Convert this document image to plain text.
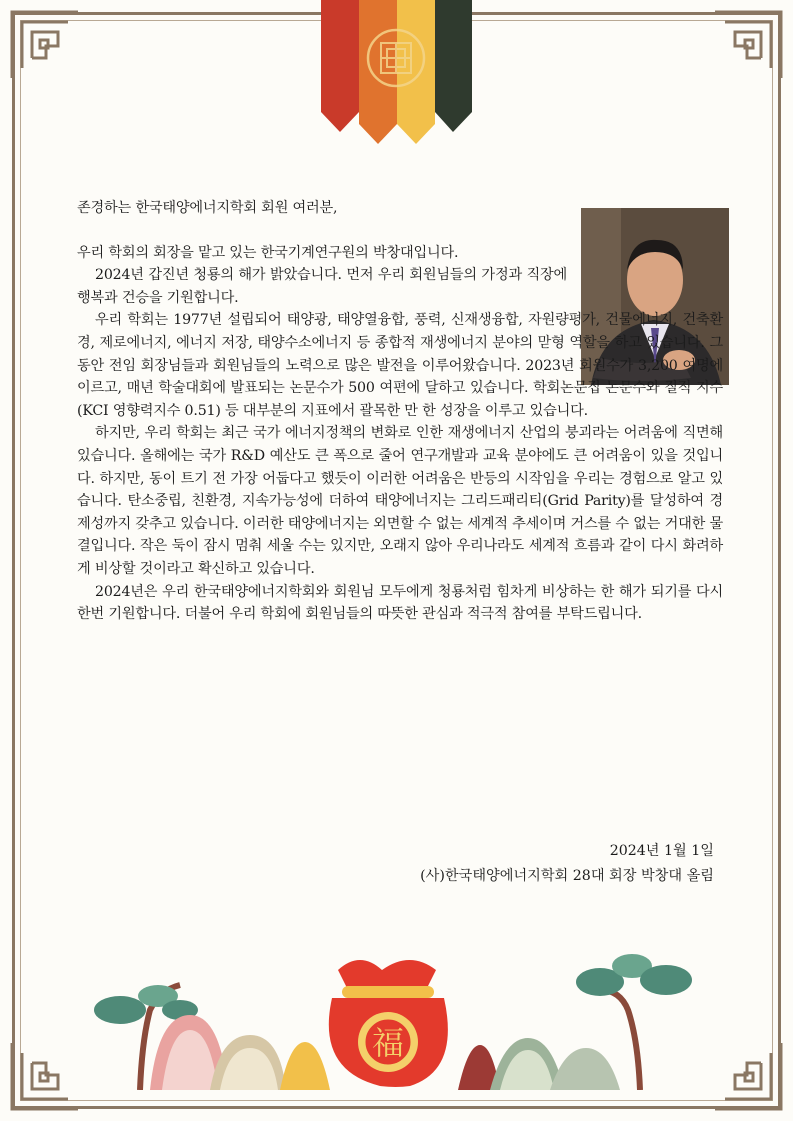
존경하는 한국태양에너지학회 회원 여러분,

우리 학회의 회장을 맡고 있는 한국기계연구원의 박창대입니다.

2024년 갑진년 청룡의 해가 밝았습니다. 먼저 우리 회원님들의 가정과 직장에 행복과 건승을 기원합니다.

우리 학회는 1977년 설립되어 태양광, 태양열융합, 풍력, 신재생융합, 자원량평가, 건물에너지, 건축환경, 제로에너지, 에너지 저장, 태양수소에너지 등 종합적 재생에너지 분야의 맏형 역할을 하고 있습니다. 그동안 전임 회장님들과 회원님들의 노력으로 많은 발전을 이루어왔습니다. 2023년 회원수가 3,200 여명에 이르고, 매년 학술대회에 발표되는 논문수가 500 여편에 달하고 있습니다. 학회논문집 논문수와 질적 지수(KCI 영향력지수 0.51) 등 대부분의 지표에서 괄목한 만 한 성장을 이루고 있습니다.

하지만, 우리 학회는 최근 국가 에너지정책의 변화로 인한 재생에너지 산업의 붕괴라는 어려움에 직면해 있습니다. 올해에는 국가 R&D 예산도 큰 폭으로 줄어 연구개발과 교육 분야에도 큰 어려움이 있을 것입니다. 하지만, 동이 트기 전 가장 어둡다고 했듯이 이러한 어려움은 반등의 시작임을 우리는 경험으로 알고 있습니다. 탄소중립, 친환경, 지속가능성에 더하여 태양에너지는 그리드패리티(Grid Parity)를 달성하여 경제성까지 갖추고 있습니다. 이러한 태양에너지는 외면할 수 없는 세계적 추세이며 거스를 수 없는 거대한 물결입니다. 작은 둑이 잠시 멈춰 세울 수는 있지만, 오래지 않아 우리나라도 세계적 흐름과 같이 다시 화려하게 비상할 것이라고 확신하고 있습니다.

2024년은 우리 한국태양에너지학회와 회원님 모두에게 청룡처럼 힘차게 비상하는 한 해가 되기를 다시 한번 기원합니다. 더불어 우리 학회에 회원님들의 따뜻한 관심과 적극적 참여를 부탁드립니다.

2024년 1월 1일
(사)한국태양에너지학회 28대 회장 박창대 올림
福
